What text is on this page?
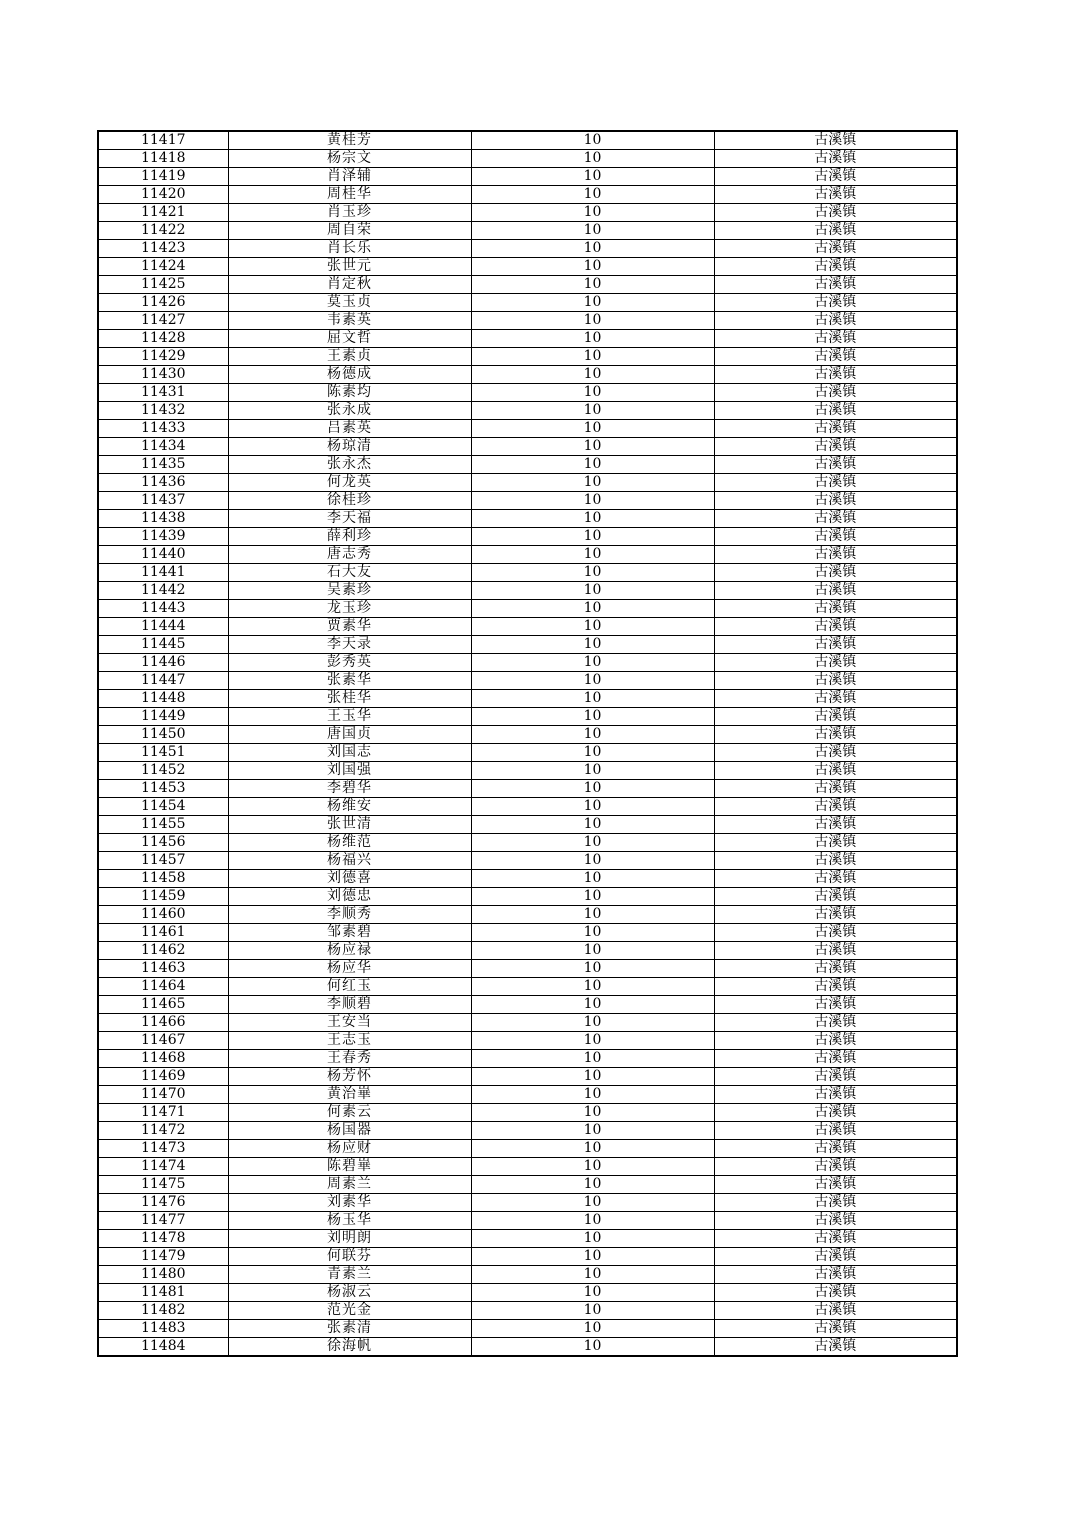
11417	黄桂芳	10	古溪镇
11418	杨宗文	10	古溪镇
11419	肖泽辅	10	古溪镇
11420	周桂华	10	古溪镇
11421	肖玉珍	10	古溪镇
11422	周自荣	10	古溪镇
11423	肖长乐	10	古溪镇
11424	张世元	10	古溪镇
11425	肖定秋	10	古溪镇
11426	莫玉贞	10	古溪镇
11427	韦素英	10	古溪镇
11428	屈文哲	10	古溪镇
11429	王素贞	10	古溪镇
11430	杨德成	10	古溪镇
11431	陈素均	10	古溪镇
11432	张永成	10	古溪镇
11433	吕素英	10	古溪镇
11434	杨琼清	10	古溪镇
11435	张永杰	10	古溪镇
11436	何龙英	10	古溪镇
11437	徐桂珍	10	古溪镇
11438	李天福	10	古溪镇
11439	薛利珍	10	古溪镇
11440	唐志秀	10	古溪镇
11441	石大友	10	古溪镇
11442	吴素珍	10	古溪镇
11443	龙玉珍	10	古溪镇
11444	贾素华	10	古溪镇
11445	李天录	10	古溪镇
11446	彭秀英	10	古溪镇
11447	张素华	10	古溪镇
11448	张桂华	10	古溪镇
11449	王玉华	10	古溪镇
11450	唐国贞	10	古溪镇
11451	刘国志	10	古溪镇
11452	刘国强	10	古溪镇
11453	李碧华	10	古溪镇
11454	杨维安	10	古溪镇
11455	张世清	10	古溪镇
11456	杨维范	10	古溪镇
11457	杨福兴	10	古溪镇
11458	刘德喜	10	古溪镇
11459	刘德忠	10	古溪镇
11460	李顺秀	10	古溪镇
11461	邹素碧	10	古溪镇
11462	杨应禄	10	古溪镇
11463	杨应华	10	古溪镇
11464	何红玉	10	古溪镇
11465	李顺碧	10	古溪镇
11466	王安当	10	古溪镇
11467	王志玉	10	古溪镇
11468	王春秀	10	古溪镇
11469	杨芳怀	10	古溪镇
11470	黄治崋	10	古溪镇
11471	何素云	10	古溪镇
11472	杨国器	10	古溪镇
11473	杨应财	10	古溪镇
11474	陈碧崋	10	古溪镇
11475	周素兰	10	古溪镇
11476	刘素华	10	古溪镇
11477	杨玉华	10	古溪镇
11478	刘明朗	10	古溪镇
11479	何联芬	10	古溪镇
11480	青素兰	10	古溪镇
11481	杨淑云	10	古溪镇
11482	范光金	10	古溪镇
11483	张素清	10	古溪镇
11484	徐海帆	10	古溪镇
